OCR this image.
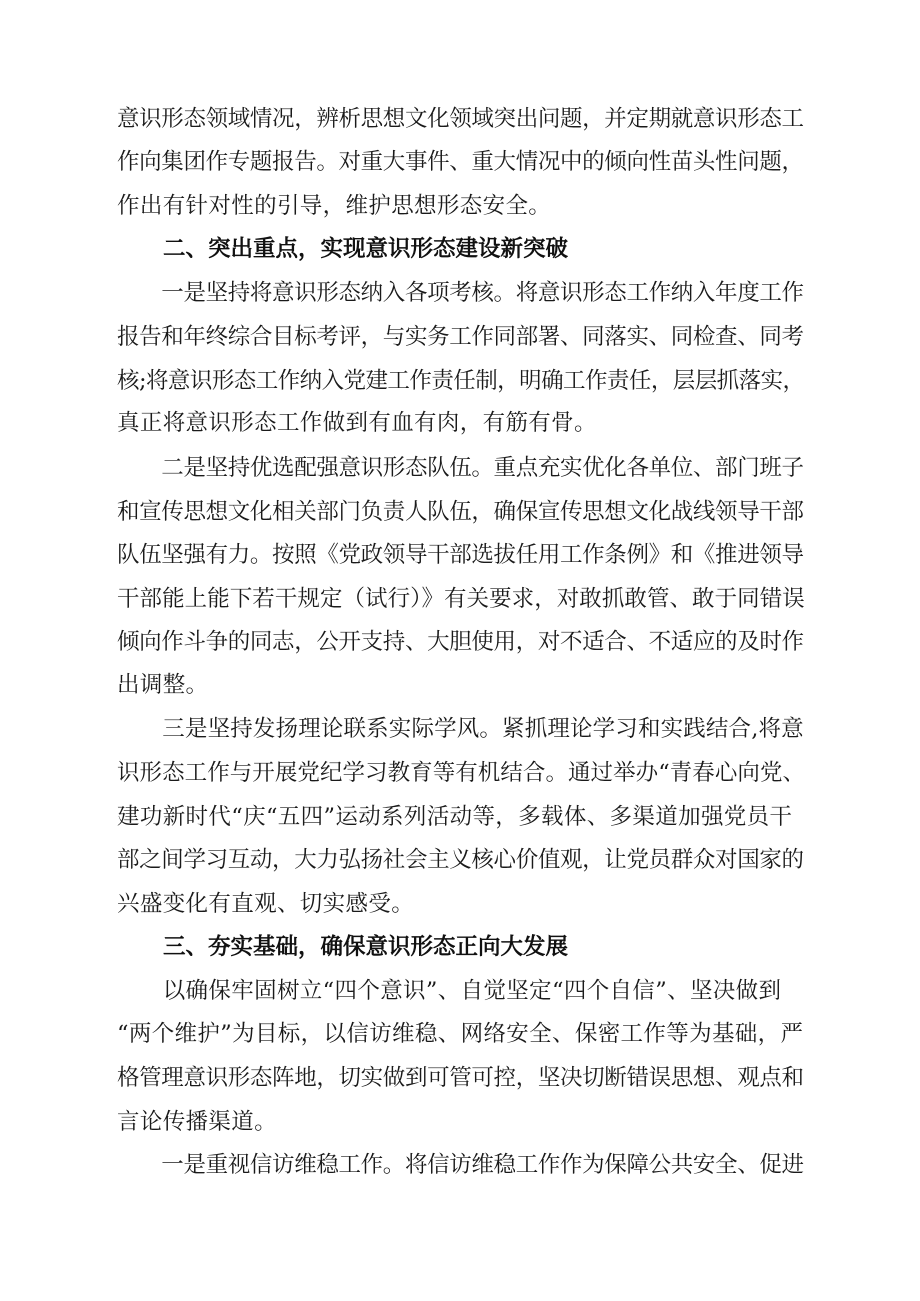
意识形态领域情况，辨析思想文化领域突出问题，并定期就意识形态工
作向集团作专题报告。对重大事件、重大情况中的倾向性苗头性问题，
作出有针对性的引导，维护思想形态安全。
二、突出重点，实现意识形态建设新突破
　　一是坚持将意识形态纳入各项考核。将意识形态工作纳入年度工作
报告和年终综合目标考评，与实务工作同部署、同落实、同检查、同考
核;将意识形态工作纳入党建工作责任制，明确工作责任，层层抓落实，
真正将意识形态工作做到有血有肉，有筋有骨。
　　二是坚持优选配强意识形态队伍。重点充实优化各单位、部门班子
和宣传思想文化相关部门负责人队伍，确保宣传思想文化战线领导干部
队伍坚强有力。按照《党政领导干部选拔任用工作条例》和《推进领导
干部能上能下若干规定（试行）》有关要求，对敢抓敢管、敢于同错误
倾向作斗争的同志，公开支持、大胆使用，对不适合、不适应的及时作
出调整。
　　三是坚持发扬理论联系实际学风。紧抓理论学习和实践结合,将意
识形态工作与开展党纪学习教育等有机结合。通过举办“青春心向党、
建功新时代“庆“五四”运动系列活动等，多载体、多渠道加强党员干
部之间学习互动，大力弘扬社会主义核心价值观，让党员群众对国家的
兴盛变化有直观、切实感受。
三、夯实基础，确保意识形态正向大发展
　　以确保牢固树立“四个意识”、自觉坚定“四个自信”、坚决做到
“两个维护”为目标，以信访维稳、网络安全、保密工作等为基础，严
格管理意识形态阵地，切实做到可管可控，坚决切断错误思想、观点和
言论传播渠道。
　　一是重视信访维稳工作。将信访维稳工作作为保障公共安全、促进
